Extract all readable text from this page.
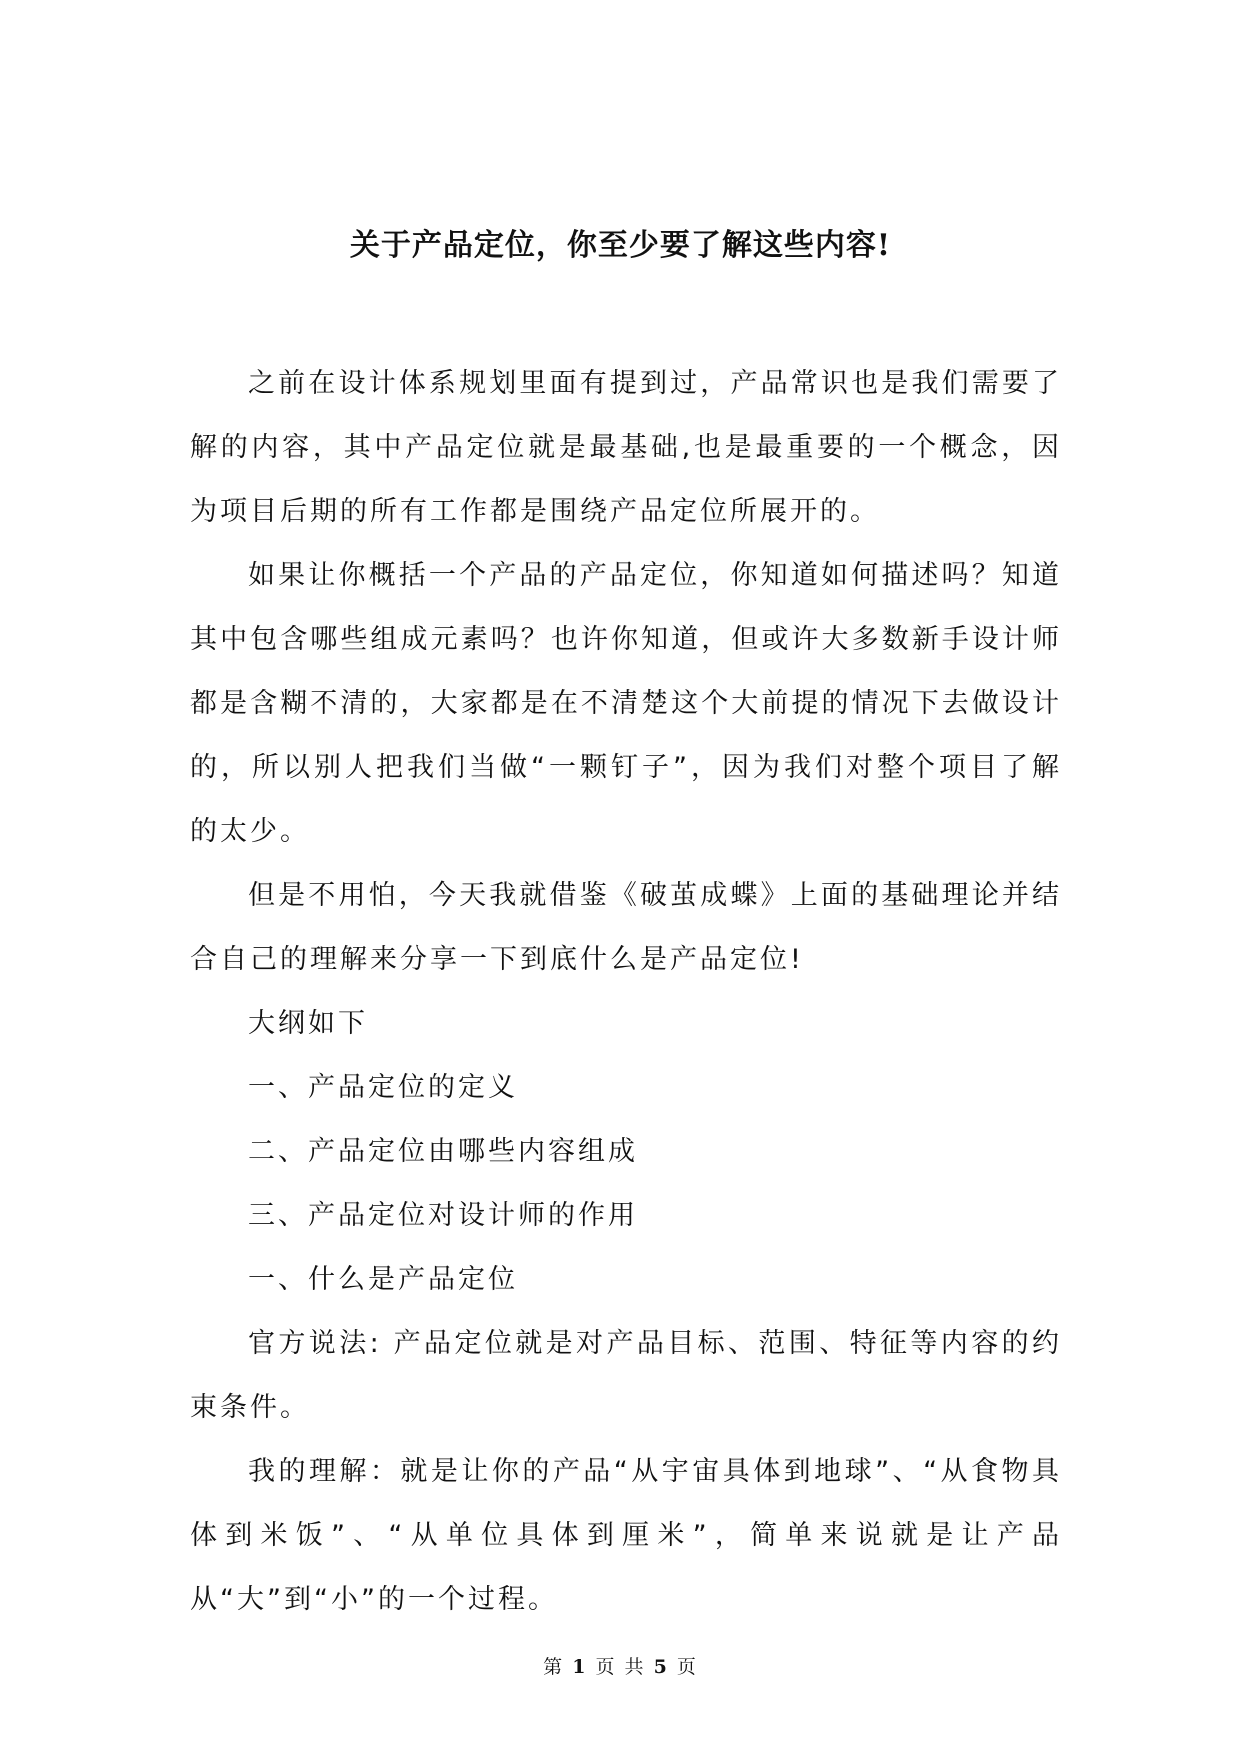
关于产品定位，你至少要了解这些内容!

之前在设计体系规划里面有提到过，产品常识也是我们需要了解的内容，其中产品定位就是最基础,也是最重要的一个概念，因为项目后期的所有工作都是围绕产品定位所展开的。

如果让你概括一个产品的产品定位，你知道如何描述吗？知道其中包含哪些组成元素吗？也许你知道，但或许大多数新手设计师都是含糊不清的，大家都是在不清楚这个大前提的情况下去做设计的，所以别人把我们当做“一颗钉子”，因为我们对整个项目了解的太少。

但是不用怕，今天我就借鉴《破茧成蝶》上面的基础理论并结合自己的理解来分享一下到底什么是产品定位!

大纲如下

一、产品定位的定义

二、产品定位由哪些内容组成

三、产品定位对设计师的作用

一、什么是产品定位

官方说法: 产品定位就是对产品目标、范围、特征等内容的约束条件。

我的理解：就是让你的产品“从宇宙具体到地球”、“从食物具体到米饭”、“从单位具体到厘米”，简单来说就是让产品从“大”到“小”的一个过程。

第 1 页 共 5 页
